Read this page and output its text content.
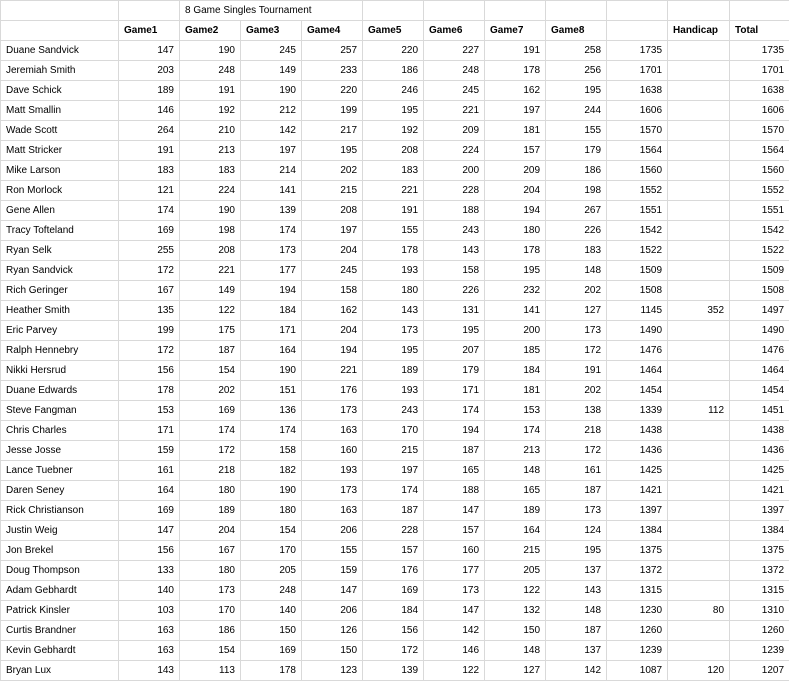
		8 Game Singles Tournament									
	Game1	Game2	Game3	Game4	Game5	Game6	Game7	Game8		Handicap	Total
Duane Sandvick	147	190	245	257	220	227	191	258	1735		1735
Jeremiah Smith	203	248	149	233	186	248	178	256	1701		1701
Dave Schick	189	191	190	220	246	245	162	195	1638		1638
Matt Smallin	146	192	212	199	195	221	197	244	1606		1606
Wade Scott	264	210	142	217	192	209	181	155	1570		1570
Matt Stricker	191	213	197	195	208	224	157	179	1564		1564
Mike Larson	183	183	214	202	183	200	209	186	1560		1560
Ron Morlock	121	224	141	215	221	228	204	198	1552		1552
Gene Allen	174	190	139	208	191	188	194	267	1551		1551
Tracy Tofteland	169	198	174	197	155	243	180	226	1542		1542
Ryan Selk	255	208	173	204	178	143	178	183	1522		1522
Ryan Sandvick	172	221	177	245	193	158	195	148	1509		1509
Rich Geringer	167	149	194	158	180	226	232	202	1508		1508
Heather Smith	135	122	184	162	143	131	141	127	1145	352	1497
Eric Parvey	199	175	171	204	173	195	200	173	1490		1490
Ralph Hennebry	172	187	164	194	195	207	185	172	1476		1476
Nikki Hersrud	156	154	190	221	189	179	184	191	1464		1464
Duane Edwards	178	202	151	176	193	171	181	202	1454		1454
Steve Fangman	153	169	136	173	243	174	153	138	1339	112	1451
Chris Charles	171	174	174	163	170	194	174	218	1438		1438
Jesse Josse	159	172	158	160	215	187	213	172	1436		1436
Lance Tuebner	161	218	182	193	197	165	148	161	1425		1425
Daren Seney	164	180	190	173	174	188	165	187	1421		1421
Rick Christianson	169	189	180	163	187	147	189	173	1397		1397
Justin Weig	147	204	154	206	228	157	164	124	1384		1384
Jon Brekel	156	167	170	155	157	160	215	195	1375		1375
Doug Thompson	133	180	205	159	176	177	205	137	1372		1372
Adam Gebhardt	140	173	248	147	169	173	122	143	1315		1315
Patrick Kinsler	103	170	140	206	184	147	132	148	1230	80	1310
Curtis Brandner	163	186	150	126	156	142	150	187	1260		1260
Kevin Gebhardt	163	154	169	150	172	146	148	137	1239		1239
Bryan Lux	143	113	178	123	139	122	127	142	1087	120	1207
